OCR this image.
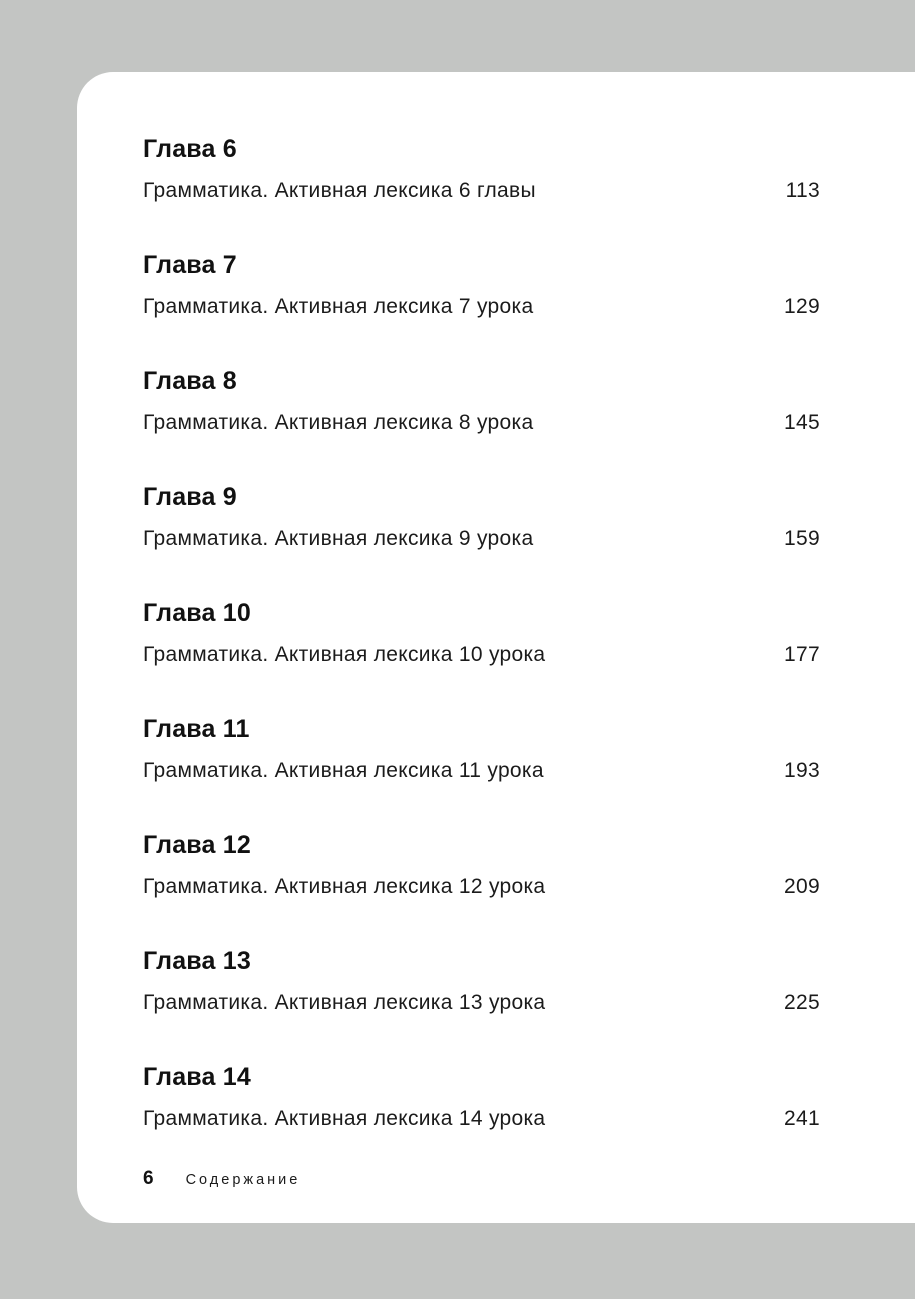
Глава 6
Грамматика. Активная лексика 6 главы	113
Глава 7
Грамматика. Активная лексика 7 урока	129
Глава 8
Грамматика. Активная лексика 8 урока	145
Глава 9
Грамматика. Активная лексика 9 урока	159
Глава 10
Грамматика. Активная лексика 10 урока	177
Глава 11
Грамматика. Активная лексика 11 урока	193
Глава 12
Грамматика. Активная лексика 12 урока	209
Глава 13
Грамматика. Активная лексика 13 урока	225
Глава 14
Грамматика. Активная лексика 14 урока	241
6 Содержание
